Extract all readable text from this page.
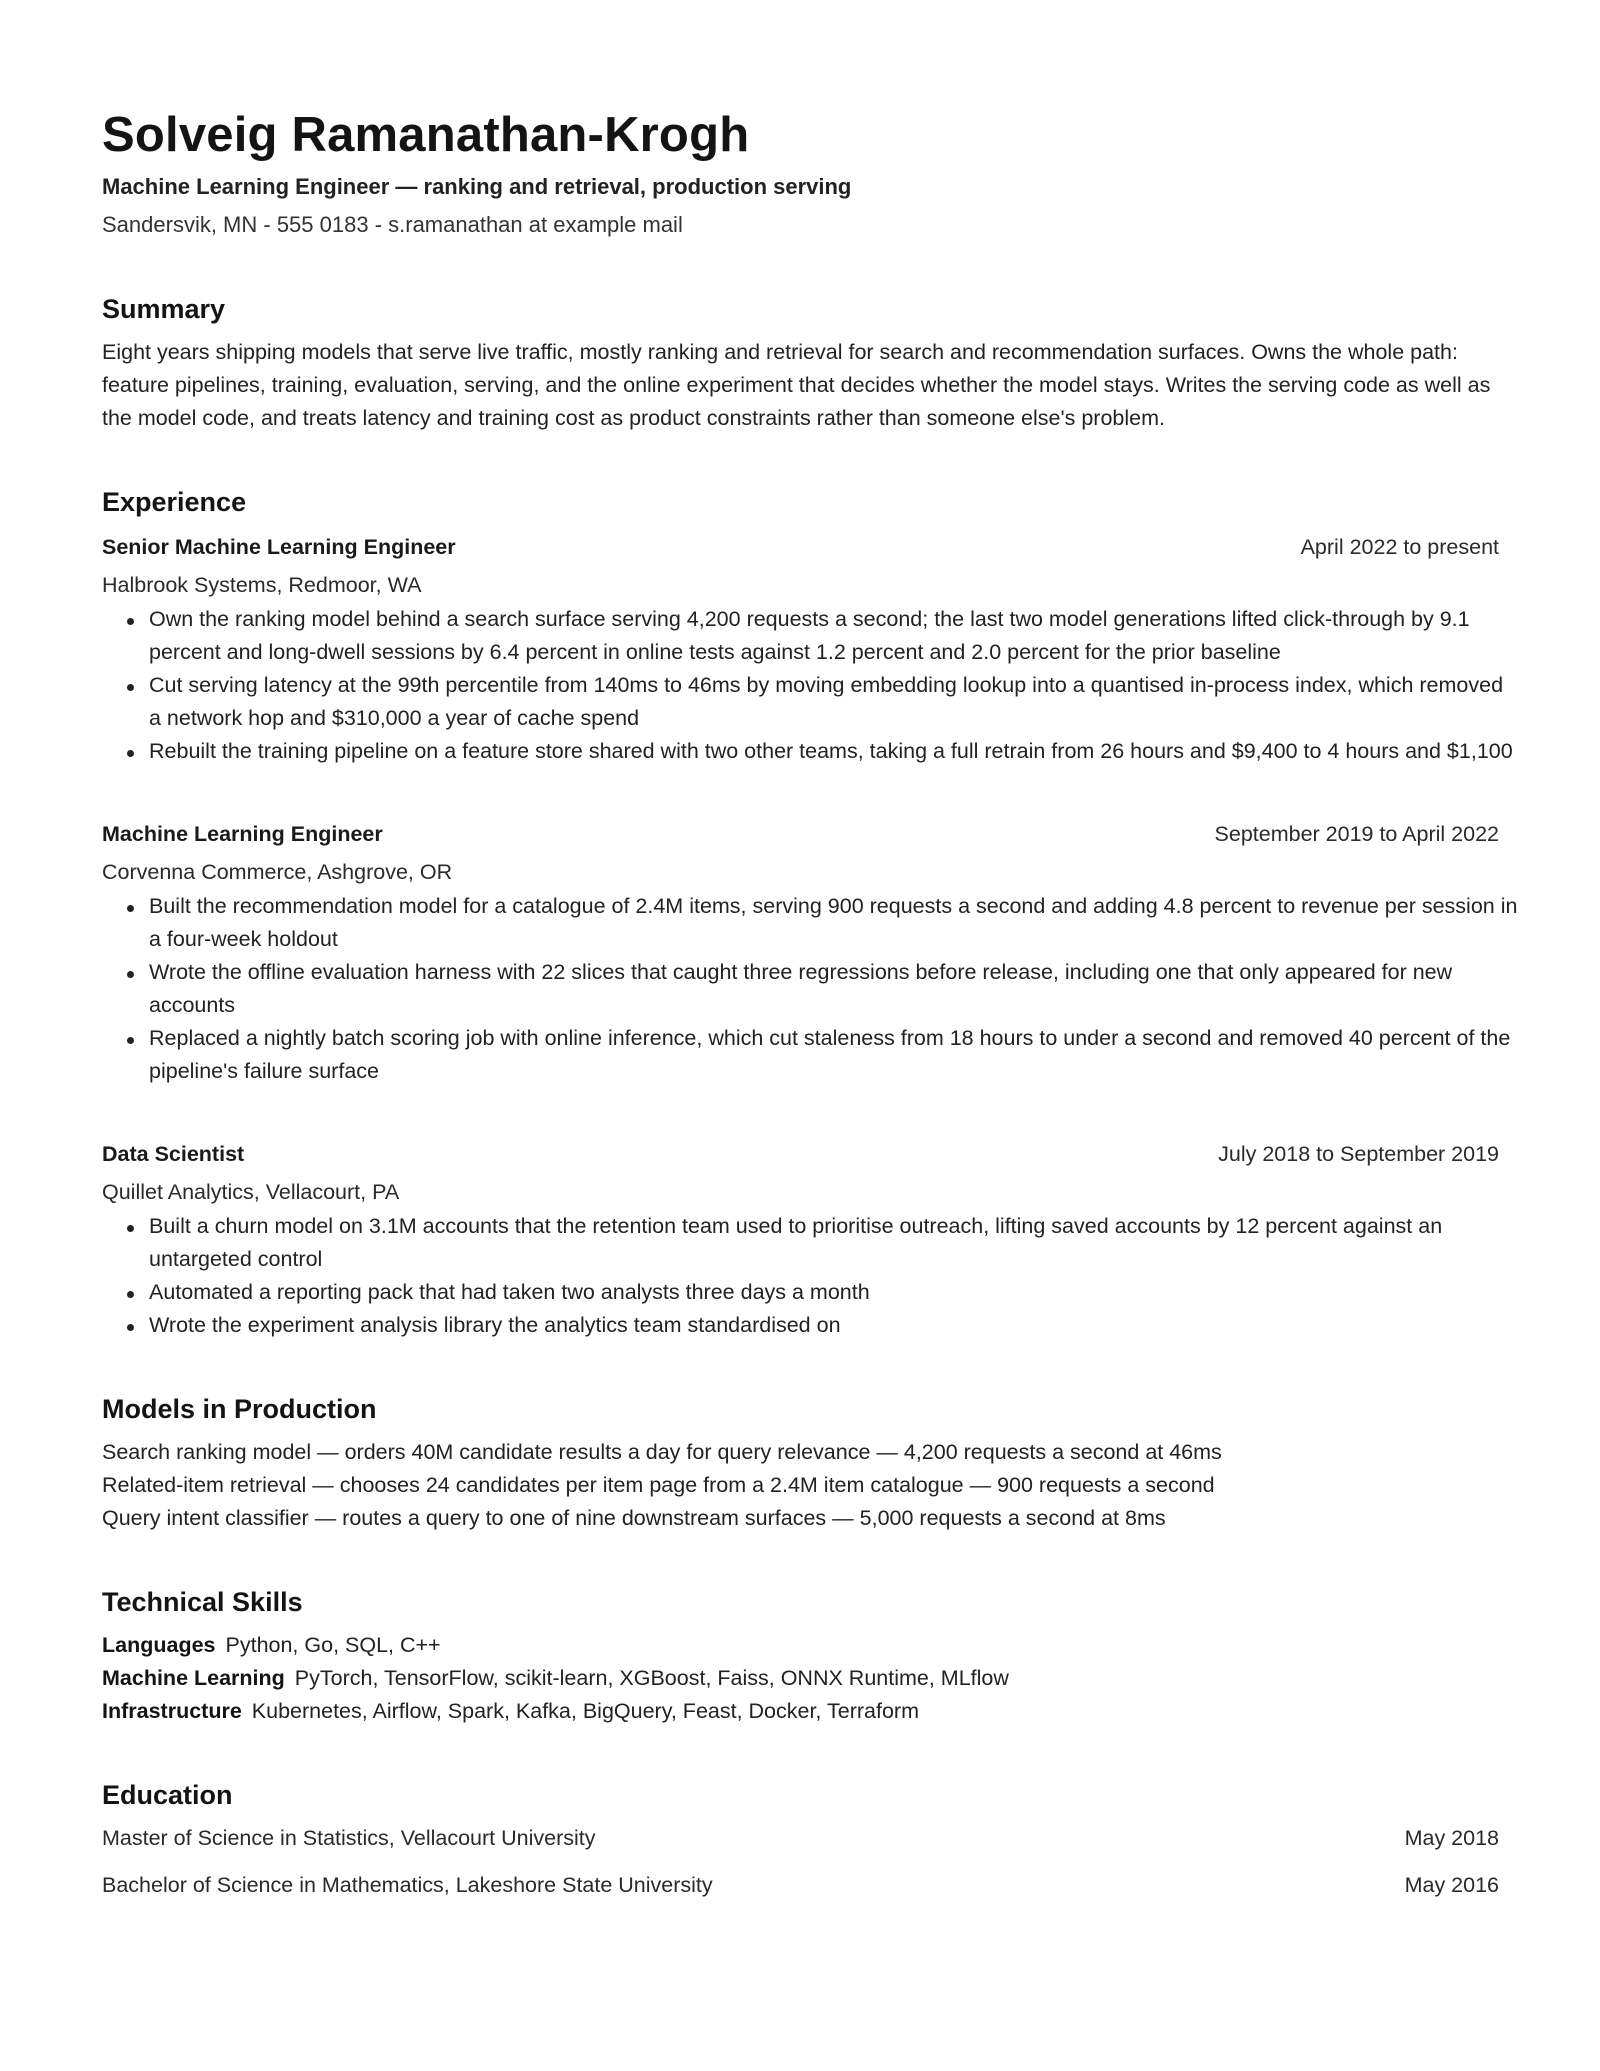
Solveig Ramanathan-Krogh
Machine Learning Engineer — ranking and retrieval, production serving
Sandersvik, MN - 555 0183 - s.ramanathan at example mail
Summary

Eight years shipping models that serve live traffic, mostly ranking and retrieval for search and recommendation surfaces. Owns the whole path: feature pipelines, training, evaluation, serving, and the online experiment that decides whether the model stays. Writes the serving code as well as the model code, and treats latency and training cost as product constraints rather than someone else's problem.

Experience
Senior Machine Learning Engineer	April 2022 to present
Halbrook Systems, Redmoor, WA
Own the ranking model behind a search surface serving 4,200 requests a second; the last two model generations lifted click-through by 9.1 percent and long-dwell sessions by 6.4 percent in online tests against 1.2 percent and 2.0 percent for the prior baseline
Cut serving latency at the 99th percentile from 140ms to 46ms by moving embedding lookup into a quantised in-process index, which removed a network hop and $310,000 a year of cache spend
Rebuilt the training pipeline on a feature store shared with two other teams, taking a full retrain from 26 hours and $9,400 to 4 hours and $1,100
Machine Learning Engineer	September 2019 to April 2022
Corvenna Commerce, Ashgrove, OR
Built the recommendation model for a catalogue of 2.4M items, serving 900 requests a second and adding 4.8 percent to revenue per session in a four-week holdout
Wrote the offline evaluation harness with 22 slices that caught three regressions before release, including one that only appeared for new accounts
Replaced a nightly batch scoring job with online inference, which cut staleness from 18 hours to under a second and removed 40 percent of the pipeline's failure surface
Data Scientist	July 2018 to September 2019
Quillet Analytics, Vellacourt, PA
Built a churn model on 3.1M accounts that the retention team used to prioritise outreach, lifting saved accounts by 12 percent against an untargeted control
Automated a reporting pack that had taken two analysts three days a month
Wrote the experiment analysis library the analytics team standardised on
Models in Production
Search ranking model — orders 40M candidate results a day for query relevance — 4,200 requests a second at 46ms
Related-item retrieval — chooses 24 candidates per item page from a 2.4M item catalogue — 900 requests a second
Query intent classifier — routes a query to one of nine downstream surfaces — 5,000 requests a second at 8ms
Technical Skills
Languages Python, Go, SQL, C++
Machine Learning PyTorch, TensorFlow, scikit-learn, XGBoost, Faiss, ONNX Runtime, MLflow
Infrastructure Kubernetes, Airflow, Spark, Kafka, BigQuery, Feast, Docker, Terraform
Education
Master of Science in Statistics, Vellacourt University	May 2018
Bachelor of Science in Mathematics, Lakeshore State University	May 2016
